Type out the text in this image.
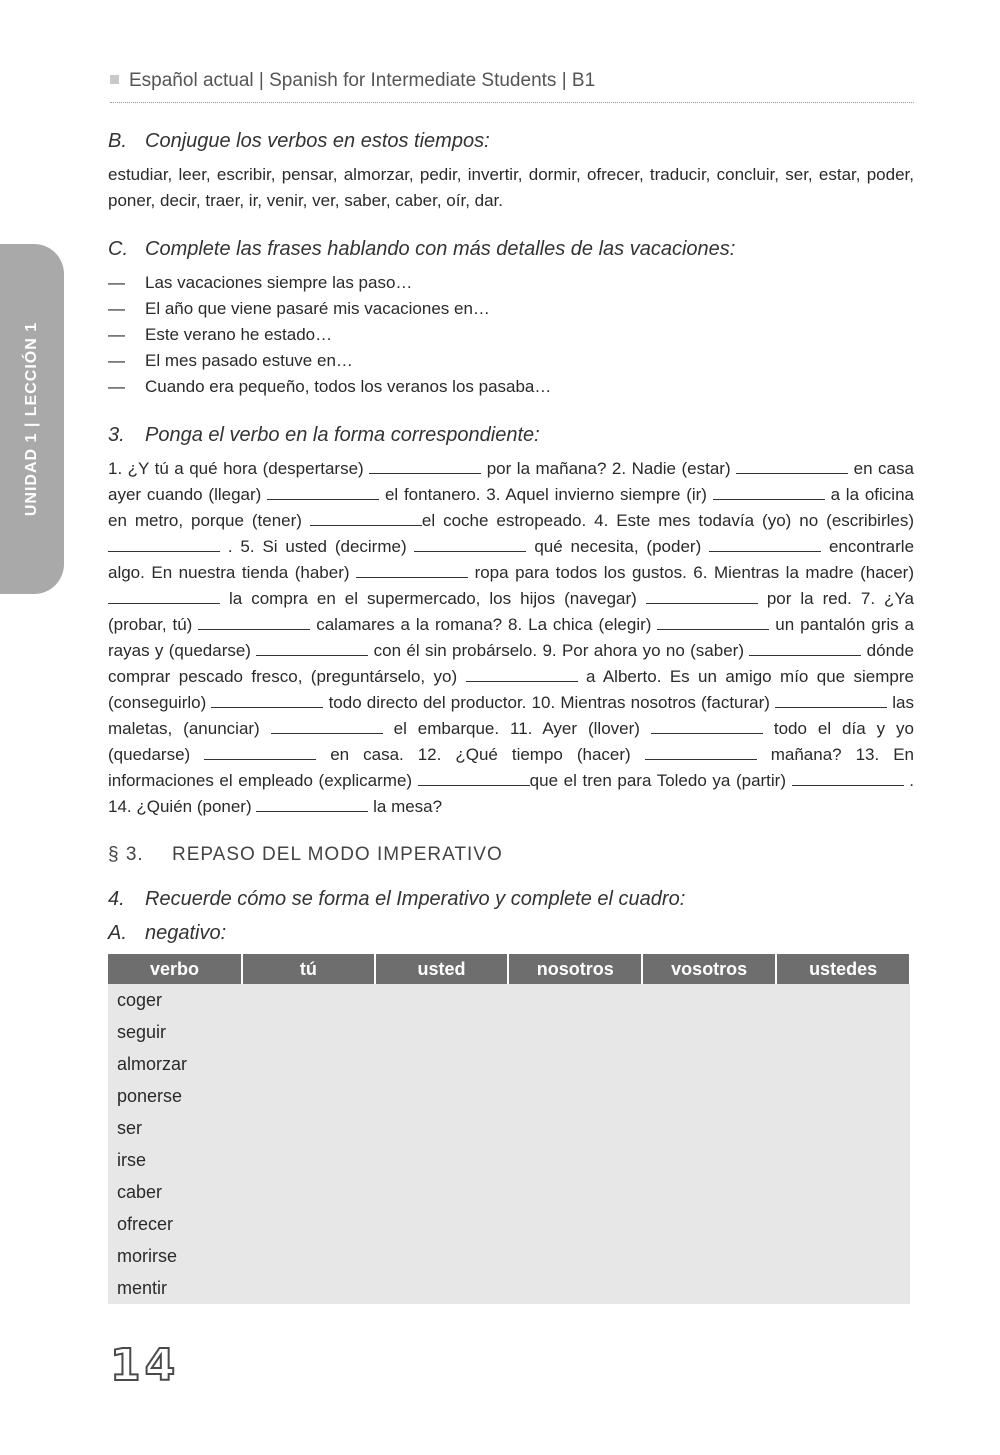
Español actual | Spanish for Intermediate Students | B1
UNIDAD 1 | LECCIÓN 1
B. Conjugue los verbos en estos tiempos:

estudiar, leer, escribir, pensar, almorzar, pedir, invertir, dormir, ofrecer, traducir, concluir, ser, estar, poder, poner, decir, traer, ir, venir, ver, saber, caber, oír, dar.

C. Complete las frases hablando con más detalles de las vacaciones:
—	Las vacaciones siempre las paso…
—	El año que viene pasaré mis vacaciones en…
—	Este verano he estado…
—	El mes pasado estuve en…
—	Cuando era pequeño, todos los veranos los pasaba…
3. Ponga el verbo en la forma correspondiente:

1. ¿Y tú a qué hora (despertarse)	por la mañana? 2. Nadie (estar)	en casa ayer cuando (llegar)	el fontanero. 3. Aquel invierno siempre (ir)	a la oficina en metro, porque (tener)	el coche estropeado. 4. Este mes todavía (yo) no (escribirles)  . 5. Si usted (decirme)	qué necesita, (poder)	encontrarle algo. En nuestra tienda (haber)	ropa para todos los gustos. 6. Mientras la madre (hacer)  la compra en el supermercado, los hijos (navegar)	por la red. 7. ¿Ya (probar, tú)	calamares a la romana? 8. La chica (elegir)	un pantalón gris a rayas y (quedarse)	con él sin probárselo. 9. Por ahora yo no (saber)	dónde comprar pescado fresco, (preguntárselo, yo)	a Alberto. Es un amigo mío que siempre (conseguirlo)	todo directo del productor. 10. Mientras nosotros (facturar)	las maletas, (anunciar)	el embarque. 11. Ayer (llover)	todo el día y yo (quedarse)	en casa. 12. ¿Qué tiempo (hacer)	mañana? 13. En informaciones el empleado (explicarme)	que el tren para Toledo ya (partir)	. 14. ¿Quién (poner)	la mesa?

§ 3. REPASO DEL MODO IMPERATIVO
4. Recuerde cómo se forma el Imperativo y complete el cuadro:
A. negativo:
verbo	tú	usted	nosotros	vosotros	ustedes
coger					
seguir					
almorzar					
ponerse					
ser					
irse					
caber					
ofrecer					
morirse					
mentir					
14
